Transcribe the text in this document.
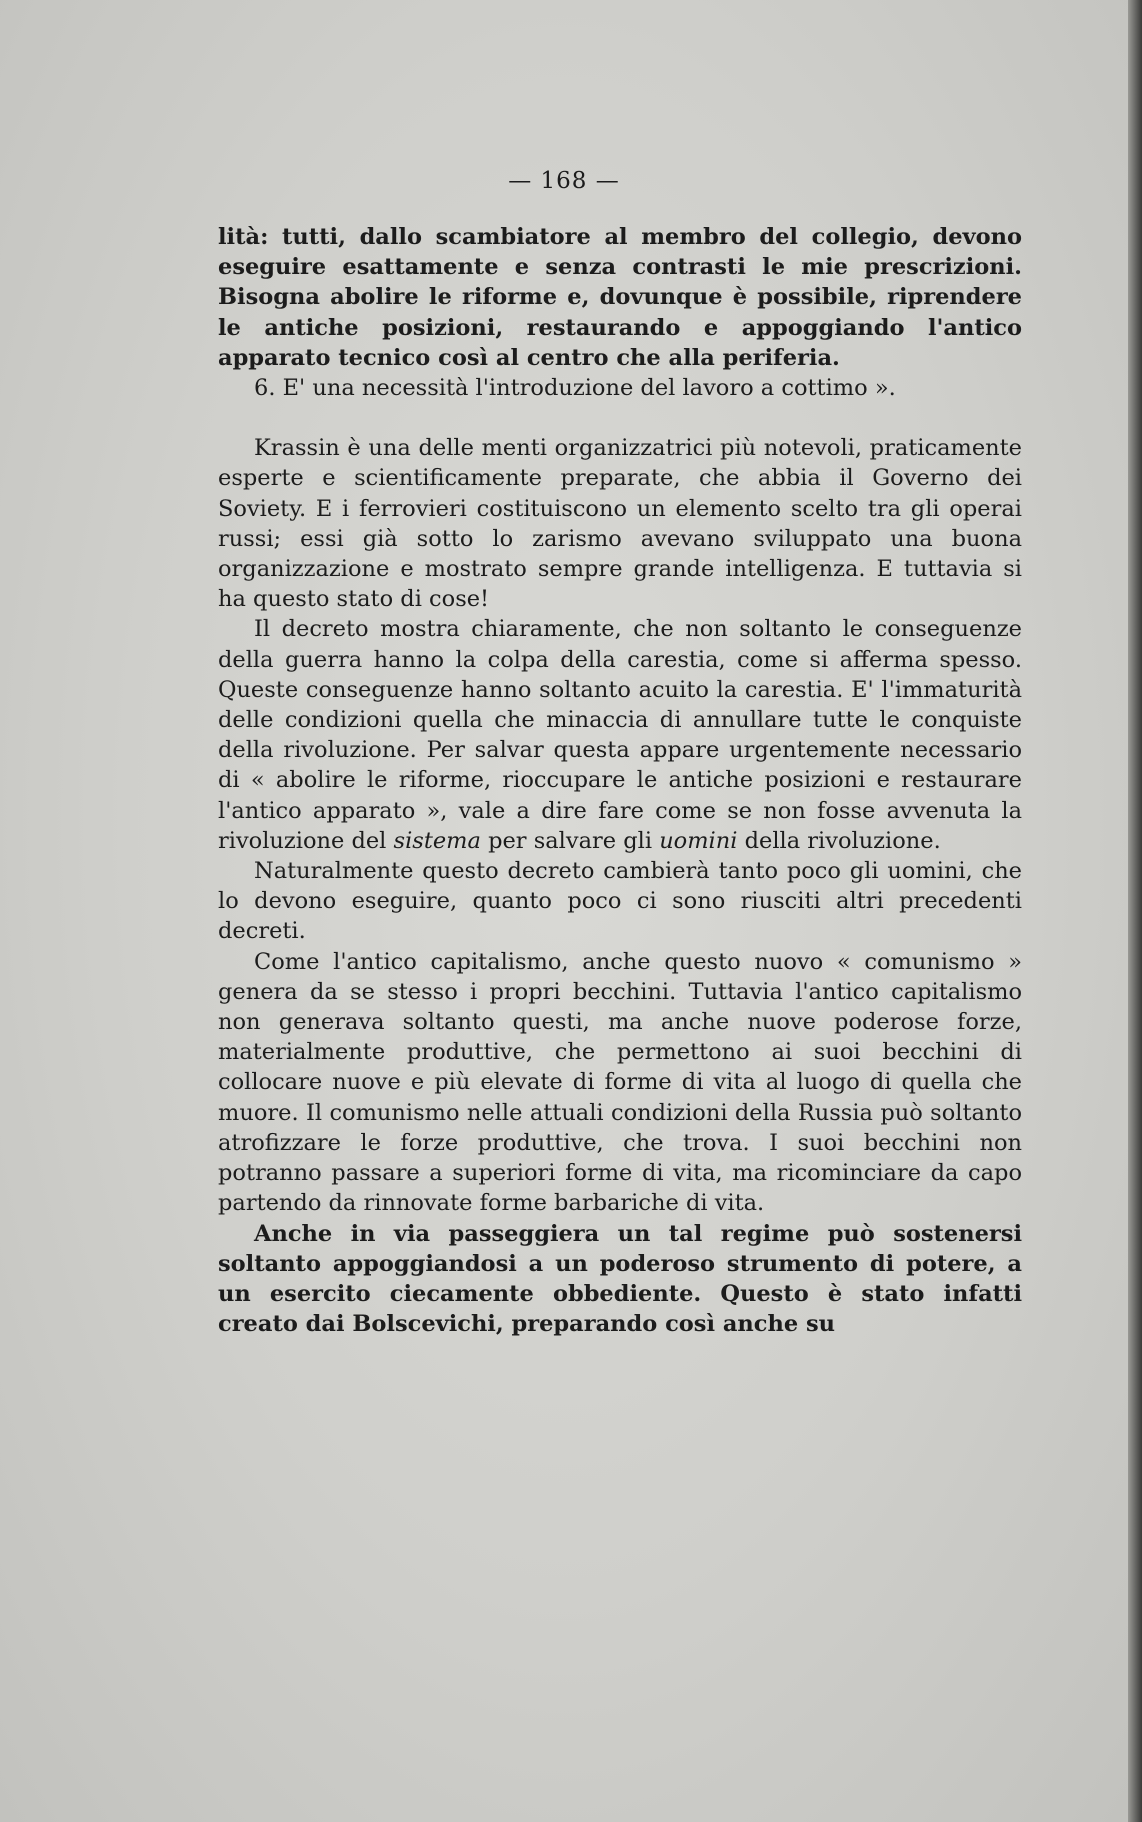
— 168 —

lità: tutti, dallo scambiatore al membro del collegio, devono eseguire esattamente e senza contrasti le mie prescrizioni. Bisogna abolire le riforme e, dovunque è possibile, riprendere le antiche posizioni, restaurando e appoggiando l'antico apparato tecnico così al centro che alla periferia.

6. E' una necessità l'introduzione del lavoro a cottimo ».

Krassin è una delle menti organizzatrici più notevoli, praticamente esperte e scientificamente preparate, che abbia il Governo dei Soviety. E i ferrovieri costituiscono un elemento scelto tra gli operai russi; essi già sotto lo zarismo avevano sviluppato una buona organizzazione e mostrato sempre grande intelligenza. E tuttavia si ha questo stato di cose!

Il decreto mostra chiaramente, che non soltanto le conseguenze della guerra hanno la colpa della carestia, come si afferma spesso. Queste conseguenze hanno soltanto acuito la carestia. E' l'immaturità delle condizioni quella che minaccia di annullare tutte le conquiste della rivoluzione. Per salvar questa appare urgentemente necessario di « abolire le riforme, rioccupare le antiche posizioni e restaurare l'antico apparato », vale a dire fare come se non fosse avvenuta la rivoluzione del sistema per salvare gli uomini della rivoluzione.

Naturalmente questo decreto cambierà tanto poco gli uomini, che lo devono eseguire, quanto poco ci sono riusciti altri precedenti decreti.

Come l'antico capitalismo, anche questo nuovo « comunismo » genera da se stesso i propri becchini. Tuttavia l'antico capitalismo non generava soltanto questi, ma anche nuove poderose forze, materialmente produttive, che permettono ai suoi becchini di collocare nuove e più elevate di forme di vita al luogo di quella che muore. Il comunismo nelle attuali condizioni della Russia può soltanto atrofizzare le forze produttive, che trova. I suoi becchini non potranno passare a superiori forme di vita, ma ricominciare da capo partendo da rinnovate forme barbariche di vita.

Anche in via passeggiera un tal regime può sostenersi soltanto appoggiandosi a un poderoso strumento di potere, a un esercito ciecamente obbediente. Questo è stato infatti creato dai Bolscevichi, preparando così anche su
